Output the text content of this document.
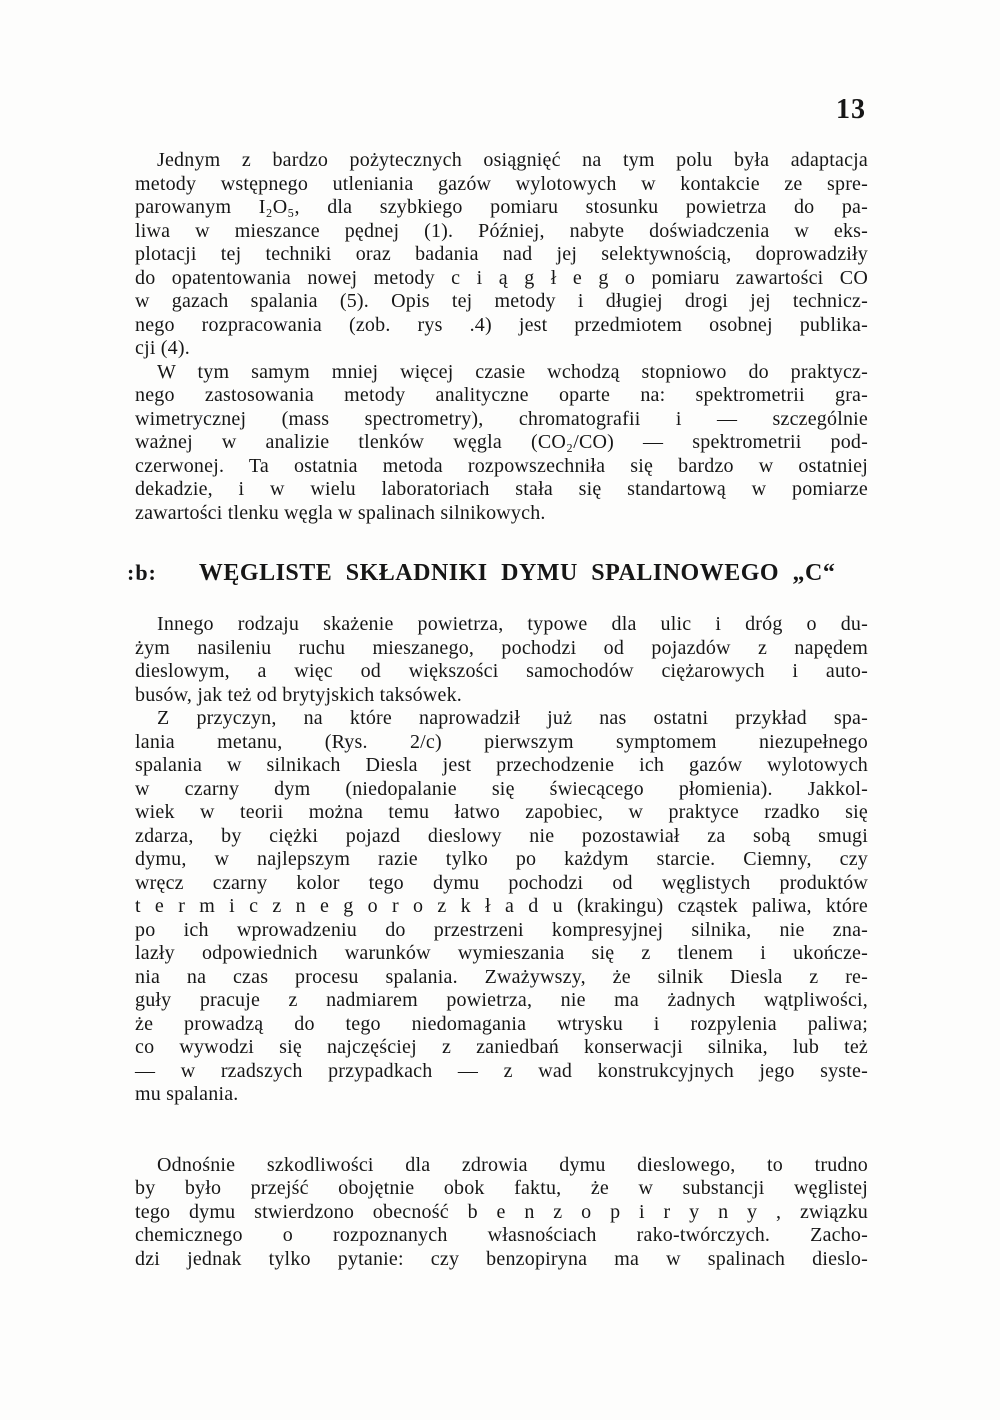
13
Jednym z bardzo pożytecznych osiągnięć na tym polu była adaptacja
metody wstępnego utleniania gazów wylotowych w kontakcie ze spre-
parowanym I₂O₅, dla szybkiego pomiaru stosunku powietrza do pa-
liwa w mieszance pędnej (1). Później, nabyte doświadczenia w eks-
plotacji tej techniki oraz badania nad jej selektywnością, doprowadziły
do opatentowania nowej metody c i ą g ł e g o pomiaru zawartości CO
w gazach spalania (5). Opis tej metody i długiej drogi jej technicz-
nego rozpracowania (zob. rys .4) jest przedmiotem osobnej publika-
cji (4).
W tym samym mniej więcej czasie wchodzą stopniowo do praktycz-
nego zastosowania metody analityczne oparte na: spektrometrii gra-
wimetrycznej (mass spectrometry), chromatografii i — szczególnie
ważnej w analizie tlenków węgla (CO₂/CO) — spektrometrii pod-
czerwonej. Ta ostatnia metoda rozpowszechniła się bardzo w ostatniej
dekadzie, i w wielu laboratoriach stała się standartową w pomiarze
zawartości tlenku węgla w spalinach silnikowych.
:b: WĘGLISTE SKŁADNIKI DYMU SPALINOWEGO „C“
Innego rodzaju skażenie powietrza, typowe dla ulic i dróg o du-
żym nasileniu ruchu mieszanego, pochodzi od pojazdów z napędem
dieslowym, a więc od większości samochodów ciężarowych i auto-
busów, jak też od brytyjskich taksówek.
Z przyczyn, na które naprowadził już nas ostatni przykład spa-
lania metanu, (Rys. 2/c) pierwszym symptomem niezupełnego
spalania w silnikach Diesla jest przechodzenie ich gazów wylotowych
w czarny dym (niedopalanie się świecącego płomienia). Jakkol-
wiek w teorii można temu łatwo zapobiec, w praktyce rzadko się
zdarza, by ciężki pojazd dieslowy nie pozostawiał za sobą smugi
dymu, w najlepszym razie tylko po każdym starcie. Ciemny, czy
wręcz czarny kolor tego dymu pochodzi od węglistych produktów
t e r m i c z n e g o r o z k ł a d u (krakingu) cząstek paliwa, które
po ich wprowadzeniu do przestrzeni kompresyjnej silnika, nie zna-
lazły odpowiednich warunków wymieszania się z tlenem i ukończe-
nia na czas procesu spalania. Zważywszy, że silnik Diesla z re-
guły pracuje z nadmiarem powietrza, nie ma żadnych wątpliwości,
że prowadzą do tego niedomagania wtrysku i rozpylenia paliwa;
co wywodzi się najczęściej z zaniedbań konserwacji silnika, lub też
— w rzadszych przypadkach — z wad konstrukcyjnych jego syste-
mu spalania.
Odnośnie szkodliwości dla zdrowia dymu dieslowego, to trudno
by było przejść obojętnie obok faktu, że w substancji węglistej
tego dymu stwierdzono obecność b e n z o p i r y n y , związku
chemicznego o rozpoznanych własnościach rako-twórczych. Zacho-
dzi jednak tylko pytanie: czy benzopiryna ma w spalinach dieslo-
